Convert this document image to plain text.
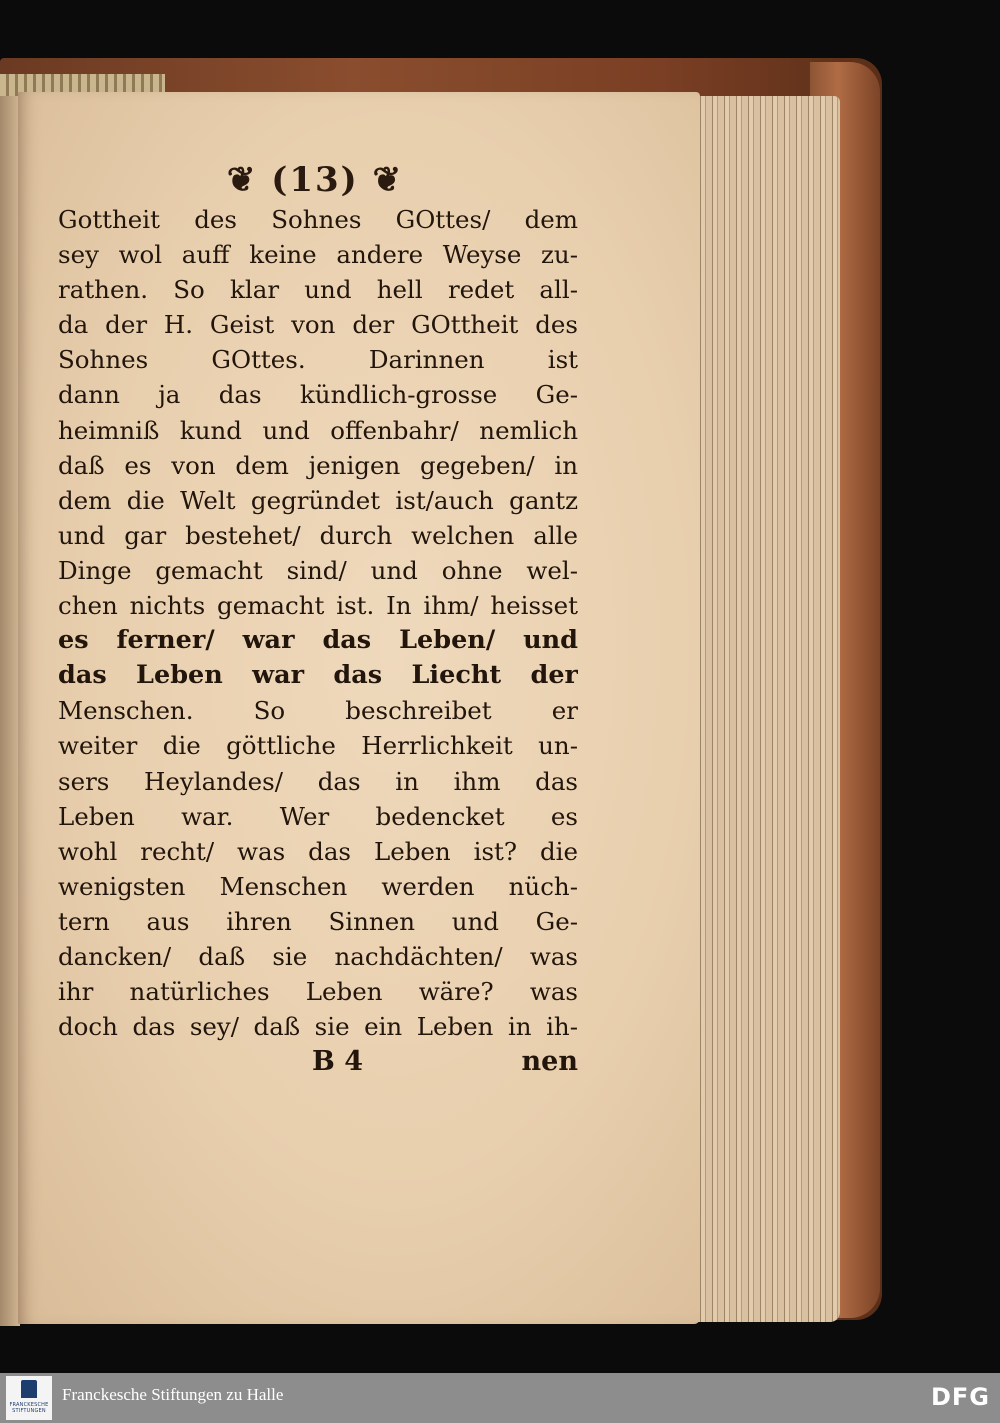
❦ (13) ❦
Gottheit des Sohnes GOttes/ dem
sey wol auff keine andere Weyse zu-
rathen. So klar und hell redet all-
da der H. Geist von der GOttheit des
Sohnes GOttes. Darinnen ist
dann ja das kündlich-grosse Ge-
heimniß kund und offenbahr/ nemlich
daß es von dem jenigen gegeben/ in
dem die Welt gegründet ist/auch gantz
und gar bestehet/ durch welchen alle
Dinge gemacht sind/ und ohne wel-
chen nichts gemacht ist. In ihm/ heisset
es ferner/ war das Leben/ und
das Leben war das Liecht der
Menschen. So beschreibet er
weiter die göttliche Herrlichkeit un-
sers Heylandes/ das in ihm das
Leben war. Wer bedencket es
wohl recht/ was das Leben ist? die
wenigsten Menschen werden nüch-
tern aus ihren Sinnen und Ge-
dancken/ daß sie nachdächten/ was
ihr natürliches Leben wäre? was
doch das sey/ daß sie ein Leben in ih-
B 4	nen
FRANCKESCHE STIFTUNGEN
Franckesche Stiftungen zu Halle	DFG
